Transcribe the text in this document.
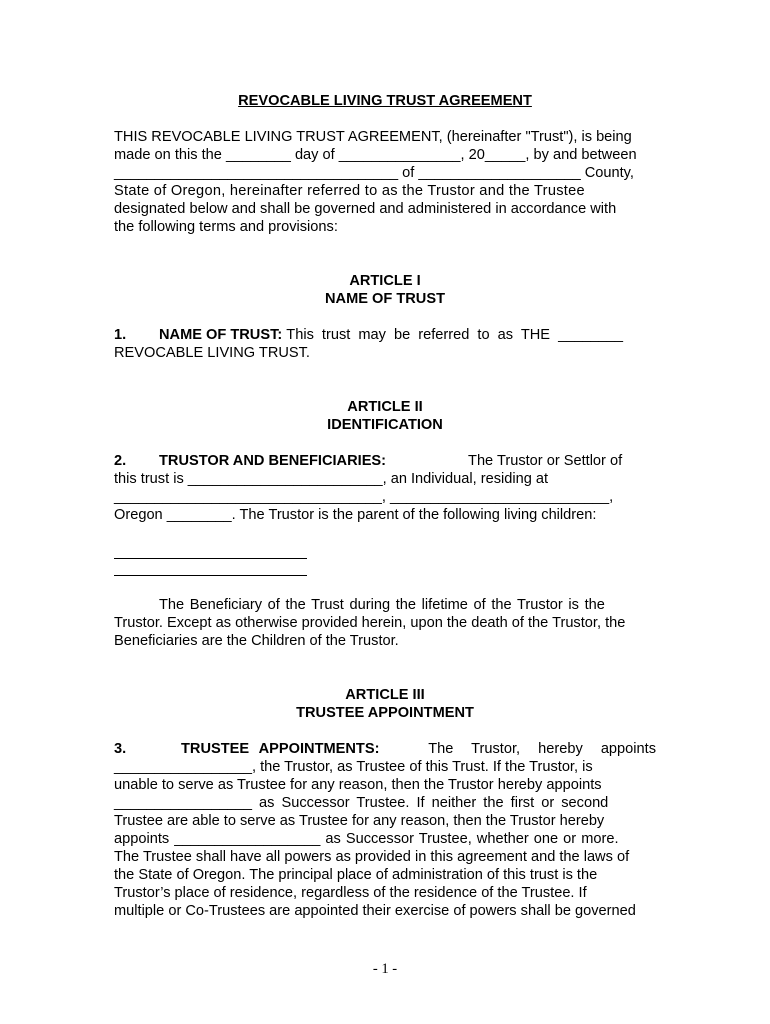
REVOCABLE LIVING TRUST AGREEMENT

THIS REVOCABLE LIVING TRUST AGREEMENT, (hereinafter "Trust"), is being
made on this the ________ day of _______________, 20_____, by and between
___________________________________ of ____________________ County,
State of Oregon, hereinafter referred to as the Trustor and the Trustee
designated below and shall be governed and administered in accordance with
the following terms and provisions:

ARTICLE I

NAME OF TRUST

1. NAME OF TRUST: This trust may be referred to as THE ________
REVOCABLE LIVING TRUST.

ARTICLE II

IDENTIFICATION

2. TRUSTOR AND BENEFICIARIES:	The Trustor or Settlor of
this trust is ________________________, an Individual, residing at
_________________________________, ___________________________,
Oregon ________. The Trustor is the parent of the following living children:
The Beneficiary of the Trust during the lifetime of the Trustor is the
Trustor. Except as otherwise provided herein, upon the death of the Trustor, the
Beneficiaries are the Children of the Trustor.

ARTICLE III

TRUSTEE APPOINTMENT

3.	TRUSTEE APPOINTMENTS:	The Trustor, hereby appoints
_________________, the Trustor, as Trustee of this Trust. If the Trustor, is
unable to serve as Trustee for any reason, then the Trustor hereby appoints
_________________ as Successor Trustee. If neither the first or second
Trustee are able to serve as Trustee for any reason, then the Trustor hereby
appoints __________________ as Successor Trustee, whether one or more.
The Trustee shall have all powers as provided in this agreement and the laws of
the State of Oregon. The principal place of administration of this trust is the
Trustor’s place of residence, regardless of the residence of the Trustee. If
multiple or Co-Trustees are appointed their exercise of powers shall be governed
- 1 -
